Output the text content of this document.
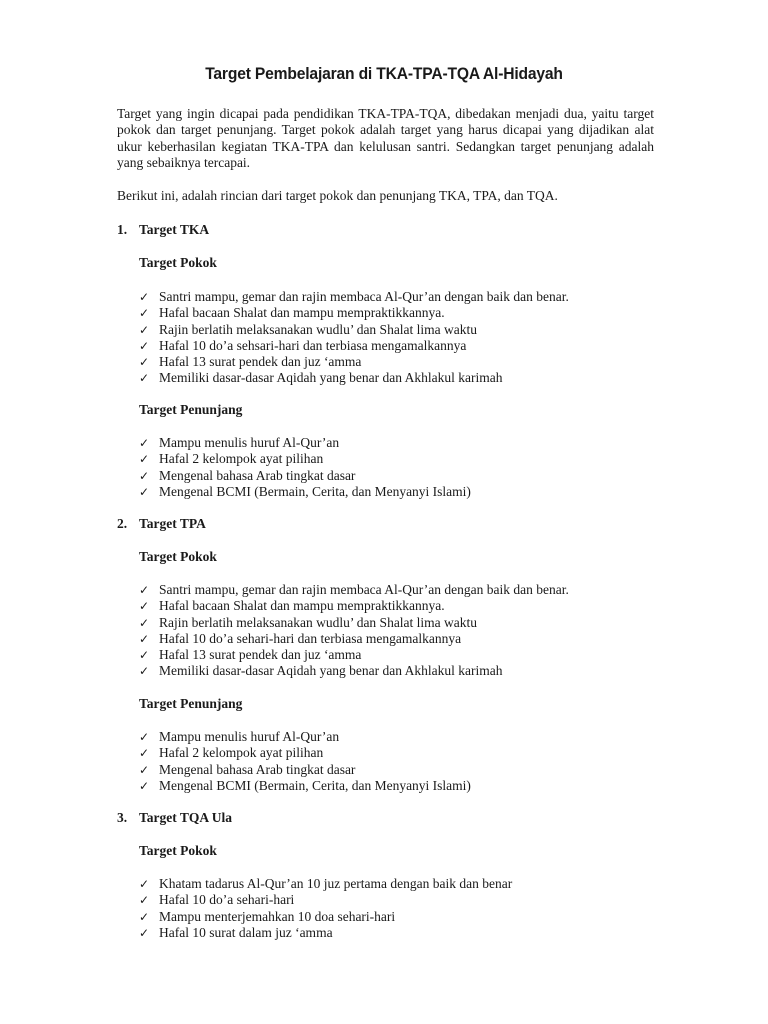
Target Pembelajaran di TKA-TPA-TQA Al-Hidayah

Target yang ingin dicapai pada pendidikan TKA-TPA-TQA, dibedakan menjadi dua, yaitu target pokok dan target penunjang. Target pokok adalah target yang harus dicapai yang dijadikan alat ukur keberhasilan kegiatan TKA-TPA dan kelulusan santri. Sedangkan target penunjang adalah yang sebaiknya tercapai.

Berikut ini, adalah rincian dari target pokok dan penunjang TKA, TPA, dan TQA.

1. Target TKA

Target Pokok

✓ Santri mampu, gemar dan rajin membaca Al-Qur’an dengan baik dan benar.
✓ Hafal bacaan Shalat dan mampu mempraktikkannya.
✓ Rajin berlatih melaksanakan wudlu’ dan Shalat lima waktu
✓ Hafal 10 do’a sehsari-hari dan terbiasa mengamalkannya
✓ Hafal 13 surat pendek dan juz ‘amma
✓ Memiliki dasar-dasar Aqidah yang benar dan Akhlakul karimah

Target Penunjang

✓ Mampu menulis huruf Al-Qur’an
✓ Hafal 2 kelompok ayat pilihan
✓ Mengenal bahasa Arab tingkat dasar
✓ Mengenal BCMI (Bermain, Cerita, dan Menyanyi Islami)

2. Target TPA

Target Pokok

✓ Santri mampu, gemar dan rajin membaca Al-Qur’an dengan baik dan benar.
✓ Hafal bacaan Shalat dan mampu mempraktikkannya.
✓ Rajin berlatih melaksanakan wudlu’ dan Shalat lima waktu
✓ Hafal 10 do’a sehari-hari dan terbiasa mengamalkannya
✓ Hafal 13 surat pendek dan juz ‘amma
✓ Memiliki dasar-dasar Aqidah yang benar dan Akhlakul karimah

Target Penunjang

✓ Mampu menulis huruf Al-Qur’an
✓ Hafal 2 kelompok ayat pilihan
✓ Mengenal bahasa Arab tingkat dasar
✓ Mengenal BCMI (Bermain, Cerita, dan Menyanyi Islami)

3. Target TQA Ula

Target Pokok

✓ Khatam tadarus Al-Qur’an 10 juz pertama dengan baik dan benar
✓ Hafal 10 do’a sehari-hari
✓ Mampu menterjemahkan 10 doa sehari-hari
✓ Hafal 10 surat dalam juz ‘amma
